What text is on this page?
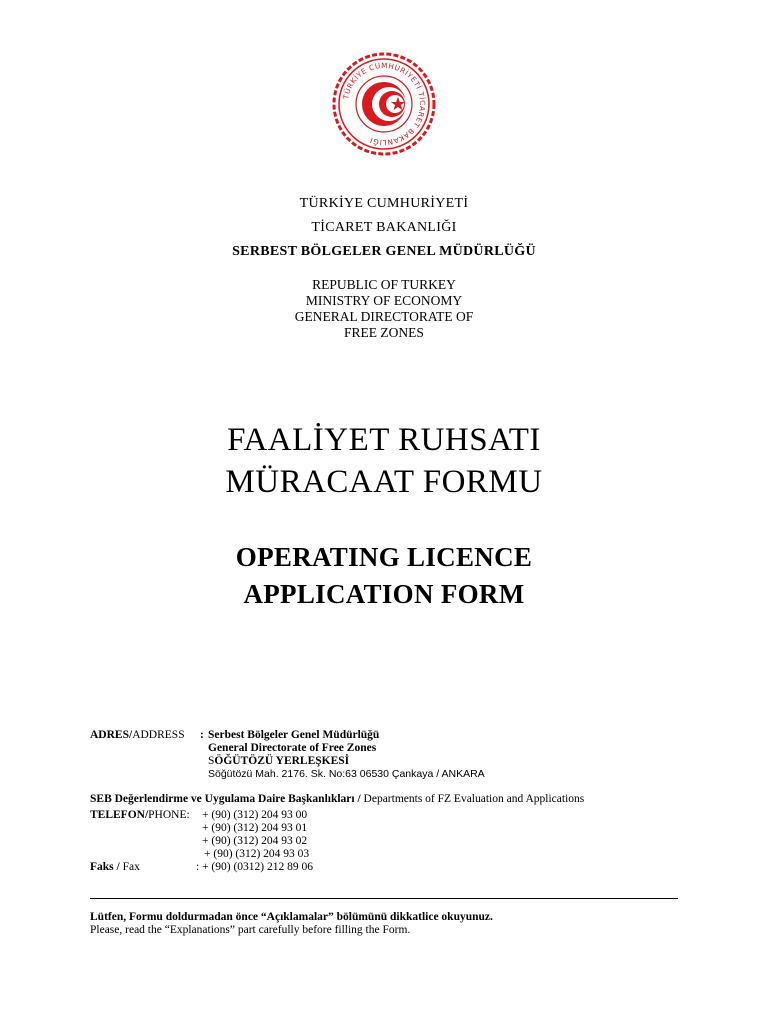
TÜRKİYE CUMHURİYETİ TİCARET BAKANLIĞI
TÜRKİYE CUMHURİYETİ
TİCARET BAKANLIĞI
SERBEST BÖLGELER GENEL MÜDÜRLÜĞÜ
REPUBLIC OF TURKEY
MINISTRY OF ECONOMY
GENERAL DIRECTORATE OF
FREE ZONES
FAALİYET RUHSATI
MÜRACAAT FORMU
OPERATING LICENCE
APPLICATION FORM
ADRES/ADDRESS : Serbest Bölgeler Genel Müdürlüğü
General Directorate of Free Zones
SÖĞÜTÖZÜ YERLEŞKESİ
Söğütözü Mah. 2176. Sk. No:63 06530 Çankaya / ANKARA
SEB Değerlendirme ve Uygulama Daire Başkanlıkları / Departments of FZ Evaluation and Applications
TELEFON/PHONE: + (90) (312) 204 93 00
+ (90) (312) 204 93 01
+ (90) (312) 204 93 02
+ (90) (312) 204 93 03
Faks / Fax	: + (90) (0312) 212 89 06
Lütfen, Formu doldurmadan önce “Açıklamalar” bölümünü dikkatlice okuyunuz.
Please, read the “Explanations” part carefully before filling the Form.
